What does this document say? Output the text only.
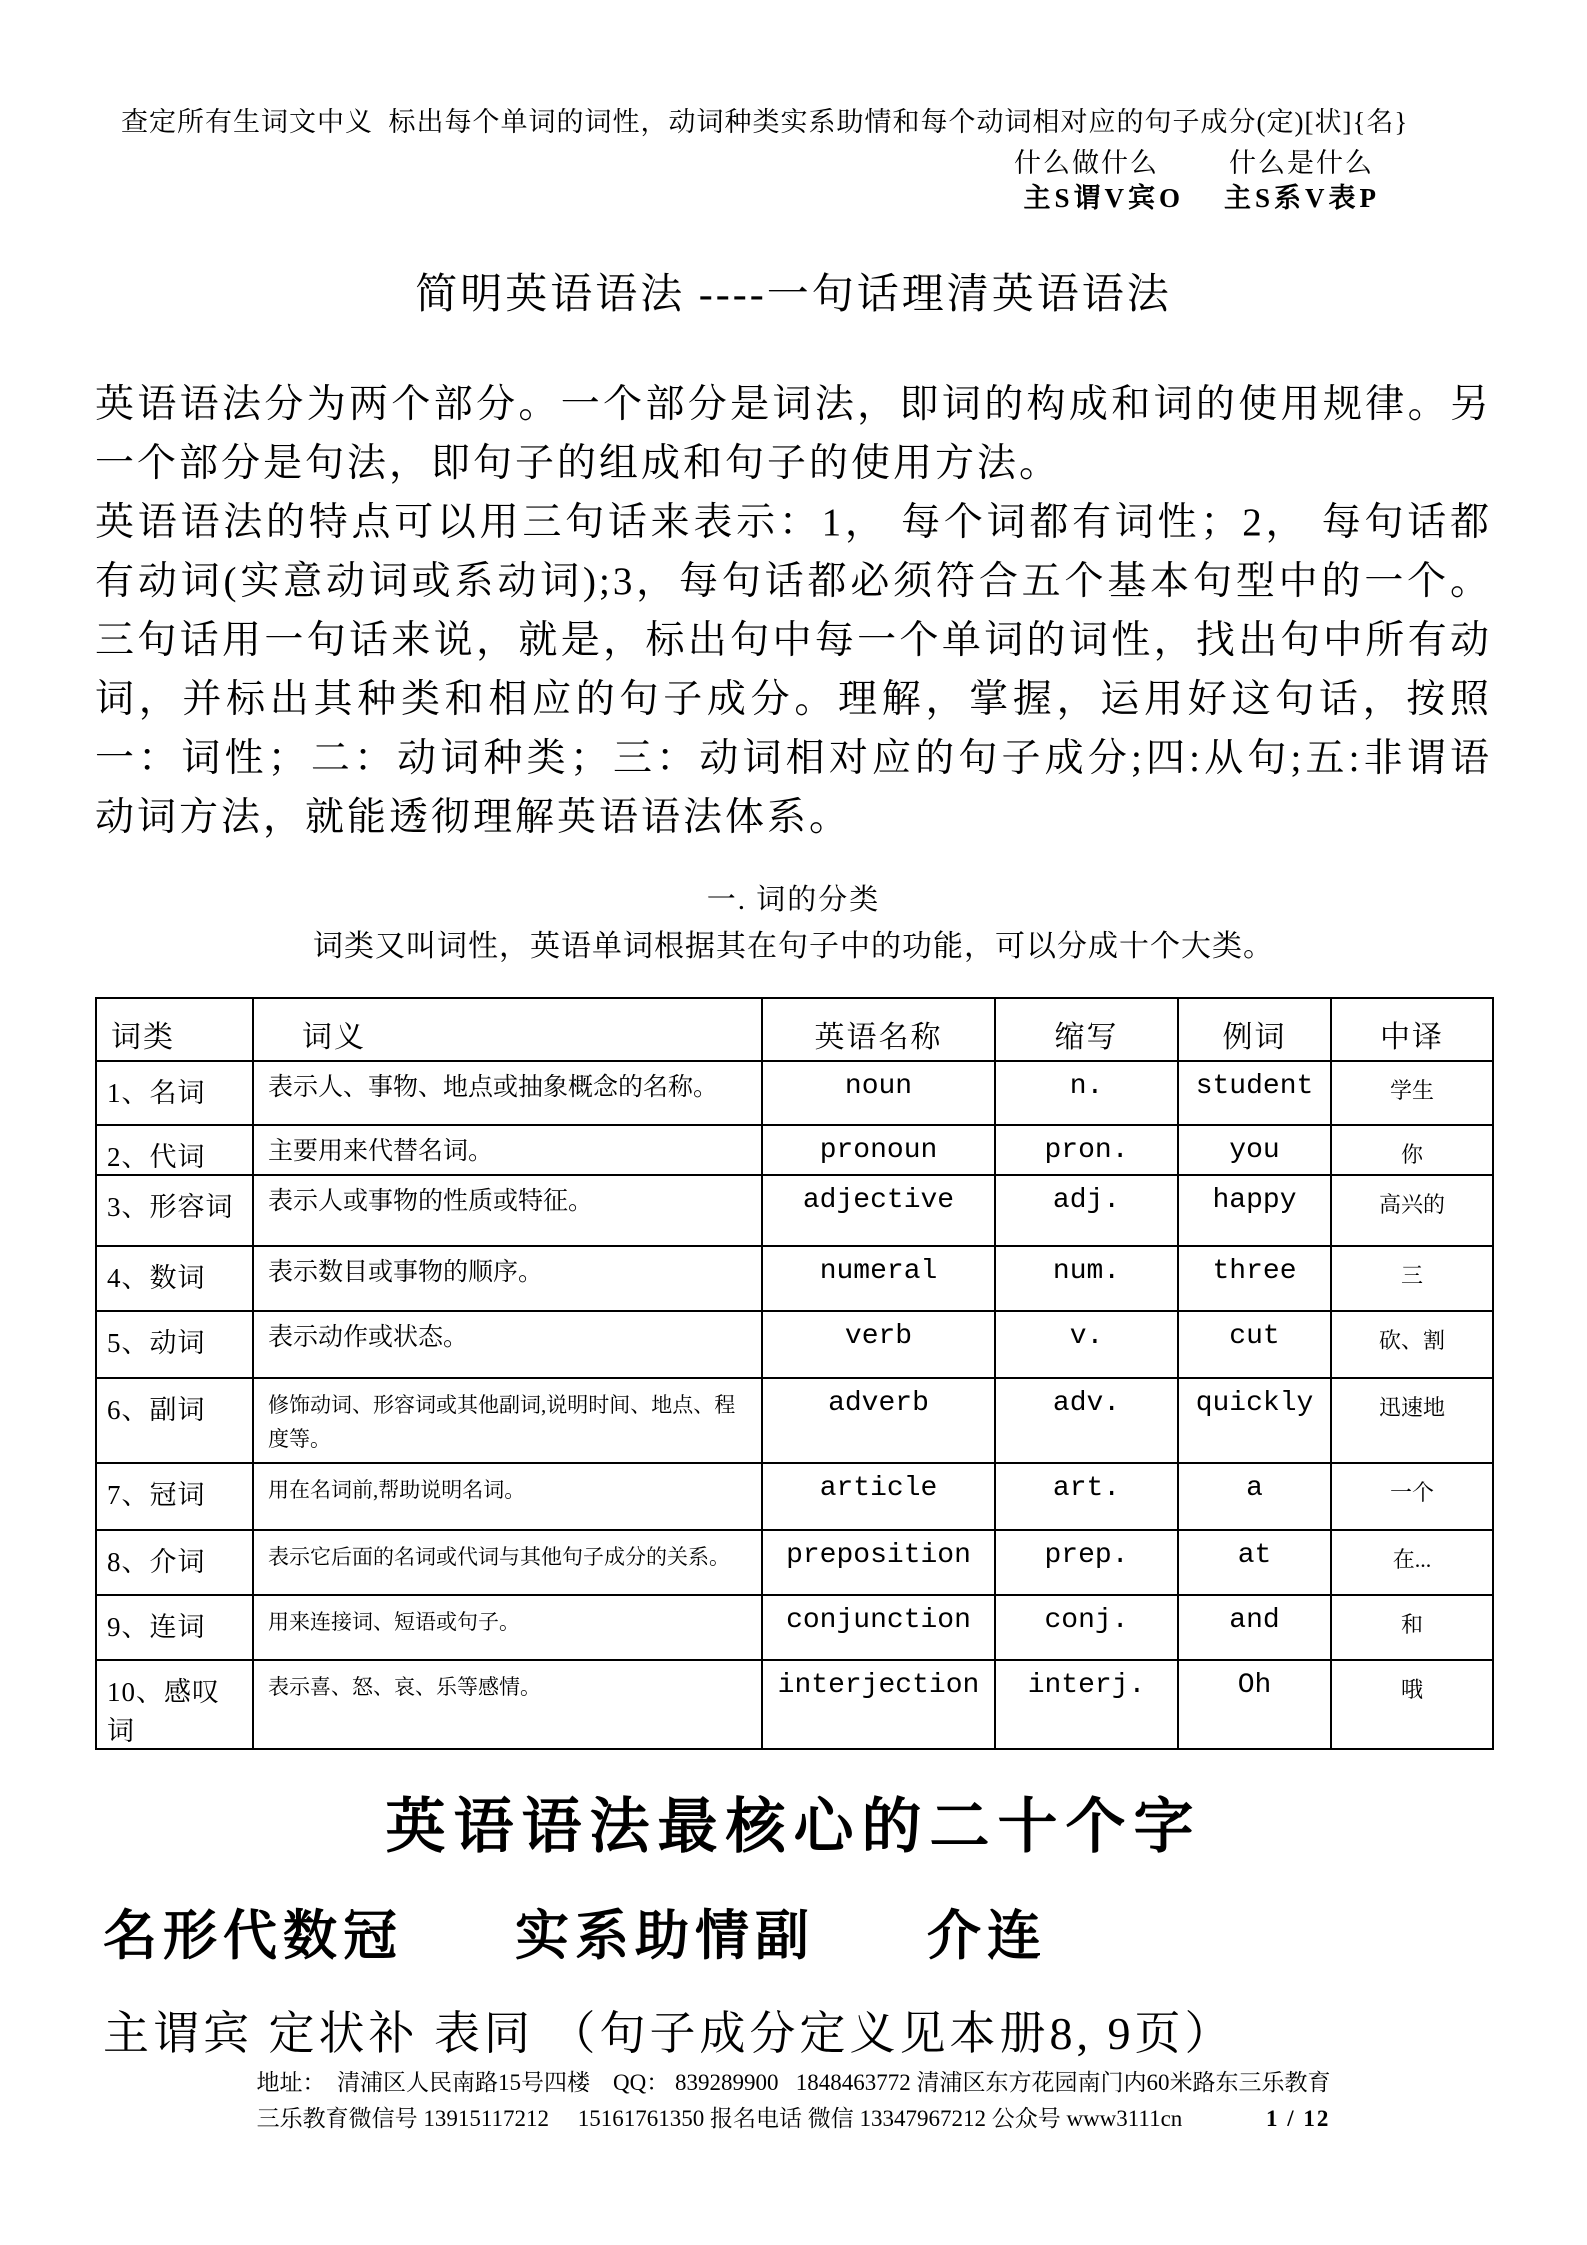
查定所有生词文中义  标出每个单词的词性，动词种类实系助情和每个动词相对应的句子成分(定)[状]{名}
什么做什么	什么是什么
主S谓V宾O 主S系V表P
简明英语语法 ----一句话理清英语语法

英语语法分为两个部分。一个部分是词法，即词的构成和词的使用规律。另一个部分是句法，即句子的组成和句子的使用方法。

英语语法的特点可以用三句话来表示：1， 每个词都有词性；2， 每句话都有动词(实意动词或系动词);3，每句话都必须符合五个基本句型中的一个。三句话用一句话来说，就是，标出句中每一个单词的词性，找出句中所有动词，并标出其种类和相应的句子成分。理解，掌握，运用好这句话，按照一：词性；二：动词种类；三：动词相对应的句子成分;四:从句;五:非谓语动词方法，就能透彻理解英语语法体系。

一. 词的分类
词类又叫词性，英语单词根据其在句子中的功能，可以分成十个大类。
词类	词义	英语名称	缩写	例词	中译
1、名词	表示人、事物、地点或抽象概念的名称。	noun	n.	student	学生
2、代词	主要用来代替名词。	pronoun	pron.	you	你
3、形容词	表示人或事物的性质或特征。	adjective	adj.	happy	高兴的
4、数词	表示数目或事物的顺序。	numeral	num.	three	三
5、动词	表示动作或状态。	verb	v.	cut	砍、割
6、副词	修饰动词、形容词或其他副词,说明时间、地点、程度等。	adverb	adv.	quickly	迅速地
7、冠词	用在名词前,帮助说明名词。	article	art.	a	一个
8、介词	表示它后面的名词或代词与其他句子成分的关系。	preposition	prep.	at	在...
9、连词	用来连接词、短语或句子。	conjunction	conj.	and	和
10、感叹词	表示喜、怒、哀、乐等感情。	interjection	interj.	Oh	哦
英语语法最核心的二十个字
名形代数冠 实系助情副 介连
主谓宾 定状补 表同 （句子成分定义见本册8, 9页）
地址：  清浦区人民南路15号四楼    QQ： 839289900   1848463772 清浦区东方花园南门内60米路东三乐教育
三乐教育微信号 13915117212     15161761350 报名电话 微信 13347967212 公众号 www3111cn	1 / 12
